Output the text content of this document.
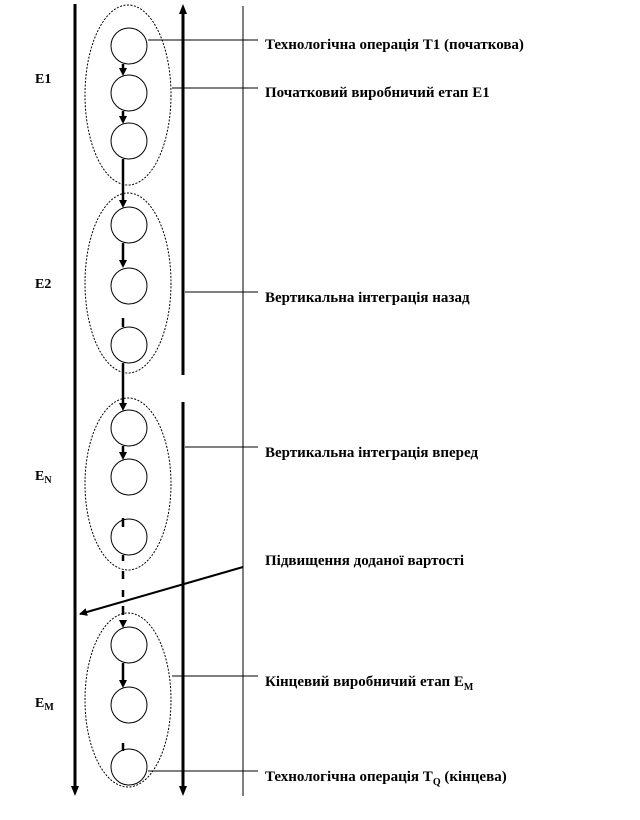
E1
E2
$E_N$
$E_M$
Технологічна операція Т1 (початкова)
Початковий виробничий етап Е1
Вертикальна інтеграція назад
Вертикальна інтеграція вперед
Підвищення доданої вартості
Кінцевий виробничий етап $Е_М$
Технологічна операція $Т_Q$ (кінцева)
